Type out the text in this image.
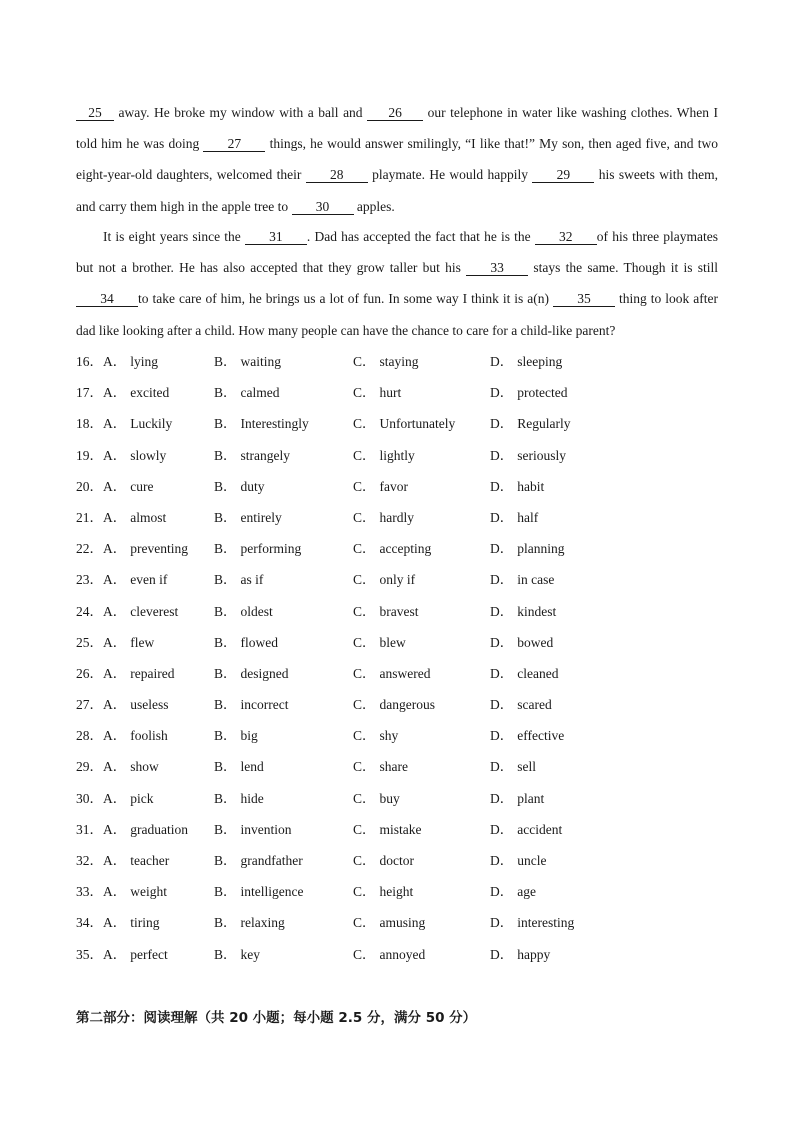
25 away. He broke my window with a ball and 26 our telephone in water like washing clothes. When I told him he was doing 27 things, he would answer smilingly, “I like that!” My son, then aged five, and two eight-year-old daughters, welcomed their 28 playmate. He would happily 29 his sweets with them, and carry them high in the apple tree to 30 apples.
It is eight years since the 31 . Dad has accepted the fact that he is the 32 of his three playmates but not a brother. He has also accepted that they grow taller but his 33 stays the same. Though it is still 34 to take care of him, he brings us a lot of fun. In some way I think it is a(n) 35 thing to look after dad like looking after a child. How many people can have the chance to care for a child-like parent?
16．A． lying	B． waiting	C． staying	D． sleeping
17．A． excited	B． calmed	C． hurt	D． protected
18．A． Luckily	B． Interestingly	C． Unfortunately	D． Regularly
19．A． slowly	B． strangely	C． lightly	D． seriously
20．A． cure	B． duty	C． favor	D． habit
21．A． almost	B． entirely	C． hardly	D． half
22．A． preventing B． performing	C． accepting	D． planning
23．A． even if	B． as if	C． only if	D． in case
24．A． cleverest	B． oldest	C． bravest	D． kindest
25．A． flew	B． flowed	C． blew	D． bowed
26．A． repaired	B． designed	C． answered	D． cleaned
27．A． useless	B． incorrect	C． dangerous	D． scared
28．A． foolish	B． big	C． shy	D． effective
29．A． show	B． lend	C． share	D． sell
30．A． pick	B． hide	C． buy	D． plant
31．A． graduation B． invention	C． mistake	D． accident
32．A． teacher	B． grandfather	C． doctor	D． uncle
33．A． weight	B． intelligence	C． height	D． age
34．A． tiring	B． relaxing	C． amusing	D． interesting
35．A． perfect	B． key	C． annoyed	D． happy
第二部分：阅读理解（共 20 小题；每小题 2.5 分，满分 50 分）
